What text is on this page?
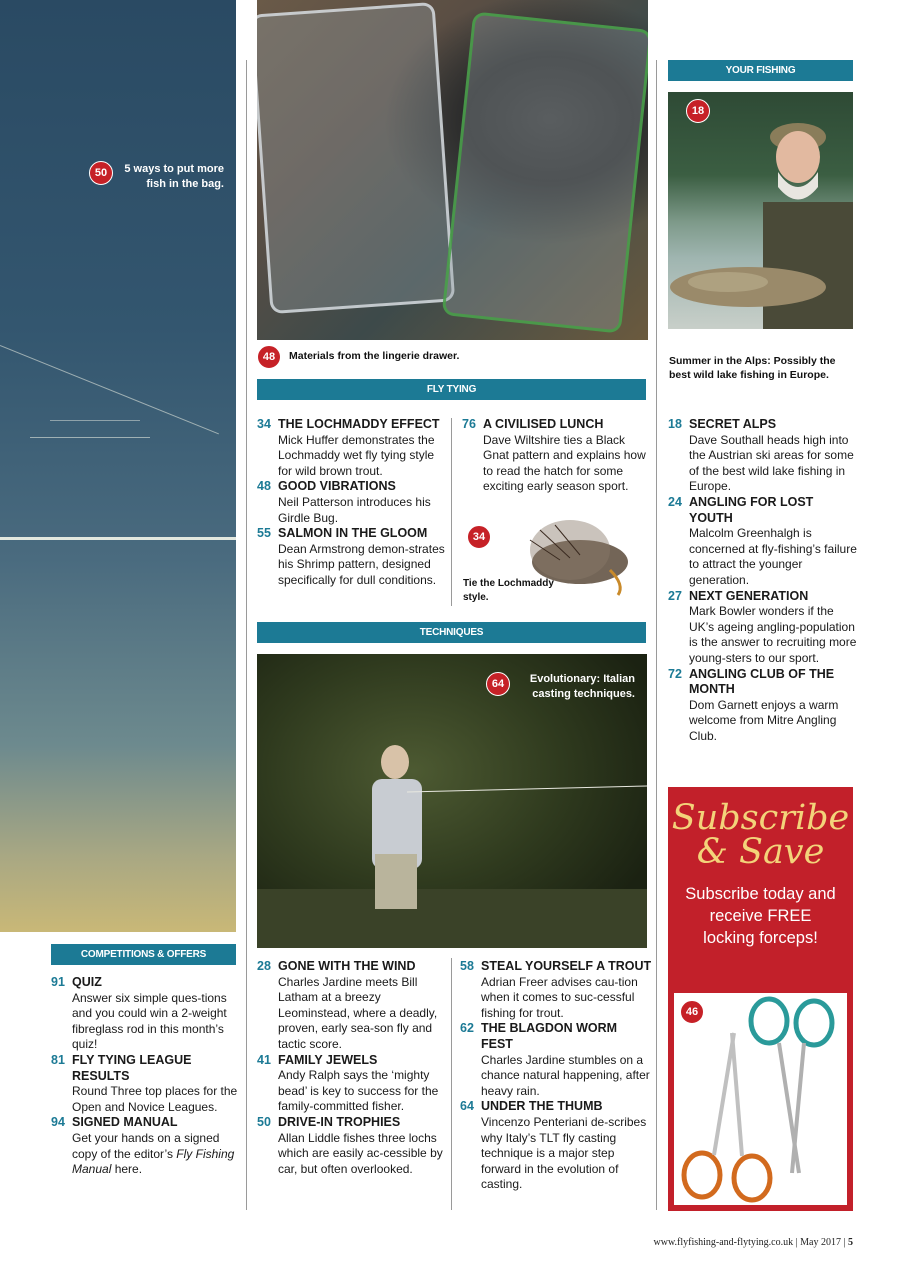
50	5 ways to put more fish in the bag.
COMPETITIONS & OFFERS
91 QUIZ
Answer six simple ques-tions and you could win a 2-weight fibreglass rod in this month’s quiz!
81 FLY TYING LEAGUE RESULTS
Round Three top places for the Open and Novice Leagues.
94 SIGNED MANUAL
Get your hands on a signed copy of the editor’s Fly Fishing Manual here.
48	Materials from the lingerie drawer.
FLY TYING
34 THE LOCHMADDY EFFECT
Mick Huffer demonstrates the Lochmaddy wet fly tying style for wild brown trout.
48 GOOD VIBRATIONS
Neil Patterson introduces his Girdle Bug.
55 SALMON IN THE GLOOM
Dean Armstrong demon-strates his Shrimp pattern, designed specifically for dull conditions.
76 A CIVILISED LUNCH
Dave Wiltshire ties a Black Gnat pattern and explains how to read the hatch for some exciting early season sport.
34
Tie the Lochmaddy style.
TECHNIQUES
64	Evolutionary: Italian casting techniques.
28 GONE WITH THE WIND
Charles Jardine meets Bill Latham at a breezy Leominstead, where a deadly, proven, early sea-son fly and tactic score.
41 FAMILY JEWELS
Andy Ralph says the ‘mighty bead’ is key to success for the family-committed fisher.
50 DRIVE-IN TROPHIES
Allan Liddle fishes three lochs which are easily ac-cessible by car, but often overlooked.
58 STEAL YOURSELF A TROUT
Adrian Freer advises cau-tion when it comes to suc-cessful fishing for trout.
62 THE BLAGDON WORM FEST
Charles Jardine stumbles on a chance natural happening, after heavy rain.
64 UNDER THE THUMB
Vincenzo Penteriani de-scribes why Italy’s TLT fly casting technique is a major step forward in the evolution of casting.
YOUR FISHING
18
Summer in the Alps: Possibly the best wild lake fishing in Europe.
18 SECRET ALPS
Dave Southall heads high into the Austrian ski areas for some of the best wild lake fishing in Europe.
24 ANGLING FOR LOST YOUTH
Malcolm Greenhalgh is concerned at fly-fishing’s failure to attract the younger generation.
27 NEXT GENERATION
Mark Bowler wonders if the UK’s ageing angling-population is the answer to recruiting more young-sters to our sport.
72 ANGLING CLUB OF THE MONTH
Dom Garnett enjoys a warm welcome from Mitre Angling Club.
Subscribe
& Save
Subscribe today and receive FREE locking forceps!
46
www.flyfishing-and-flytying.co.uk | May 2017 | 5
